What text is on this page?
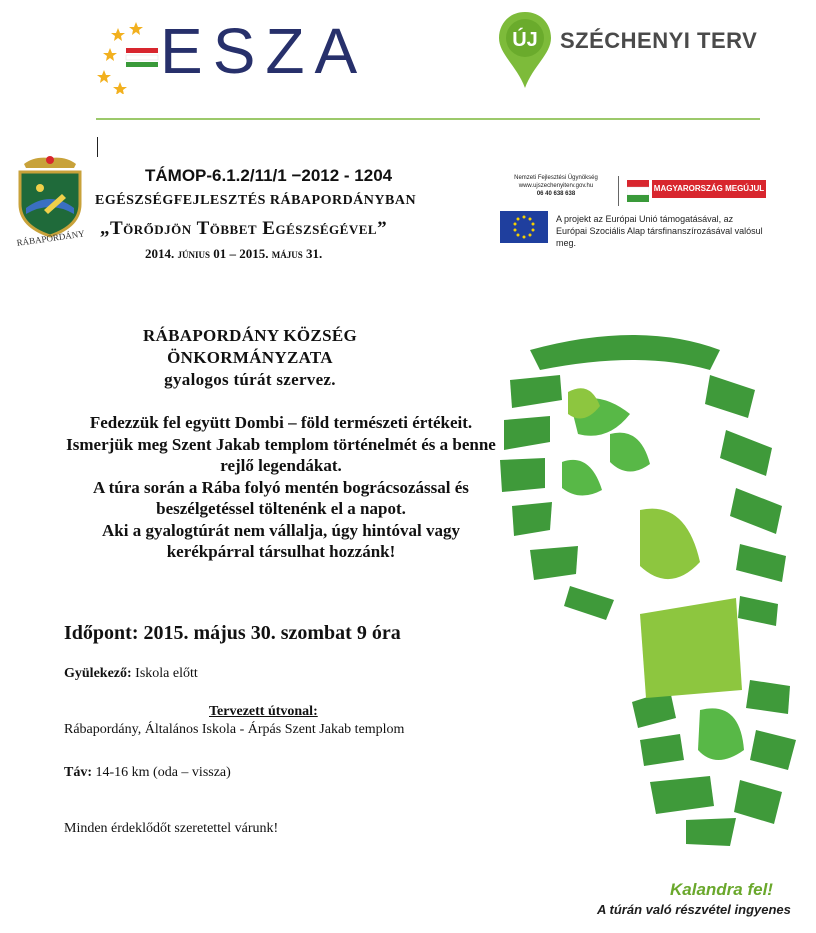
ESZA	ÚJ SZÉCHENYI TERV
RÁBAPORDÁNY
TÁMOP-6.1.2/11/1 −2012 - 1204
EGÉSZSÉGFEJLESZTÉS RÁBAPORDÁNYBAN
„Törődjön Többet Egészségével”
2014. június 01 – 2015. május 31.
Nemzeti Fejlesztési Ügynökség
www.ujszechenyiterv.gov.hu
06 40 638 638
MAGYARORSZÁG MEGÚJUL
A projekt az Európai Unió támogatásával, az Európai Szociális Alap társfinanszírozásával valósul meg.
RÁBAPORDÁNY KÖZSÉG
ÖNKORMÁNYZATA
gyalogos túrát szervez.

Fedezzük fel együtt Dombi – föld természeti értékeit.

Ismerjük meg Szent Jakab templom történelmét és a benne rejlő legendákat.

A túra során a Rába folyó mentén bográcsozással és beszélgetéssel töltenénk el a napot.

Aki a gyalogtúrát nem vállalja, úgy hintóval vagy kerékpárral társulhat hozzánk!

Időpont: 2015. május 30. szombat 9 óra
Gyülekező: Iskola előtt
Tervezett útvonal:
Rábapordány, Általános Iskola - Árpás Szent Jakab templom
Táv: 14-16 km (oda – vissza)
Minden érdeklődőt szeretettel várunk!
Kalandra fel!
A túrán való részvétel ingyenes
